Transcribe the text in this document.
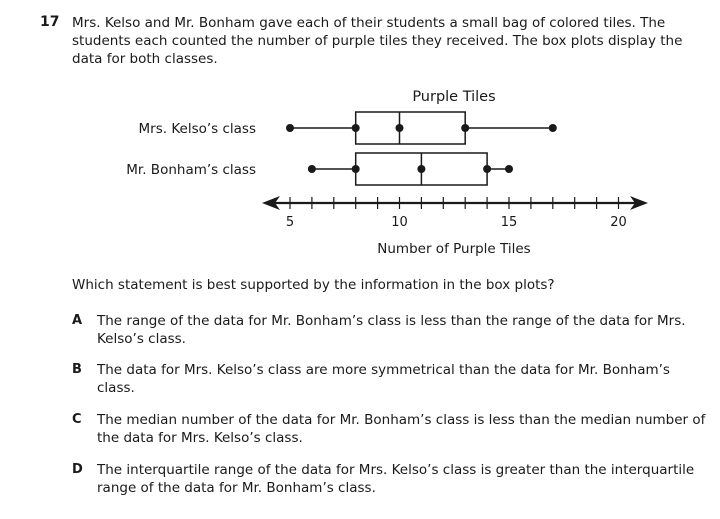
17 Mrs. Kelso and Mr. Bonham gave each of their students a small bag of colored tiles. The
students each counted the number of purple tiles they received. The box plots display the
data for both classes.
Purple Tiles
Mrs. Kelso’s class
Mr. Bonham’s class
5	10	15	20
Number of Purple Tiles
Which statement is best supported by the information in the box plots?
A The range of the data for Mr. Bonham’s class is less than the range of the data for Mrs.
Kelso’s class.
B The data for Mrs. Kelso’s class are more symmetrical than the data for Mr. Bonham’s
class.
C The median number of the data for Mr. Bonham’s class is less than the median number of
the data for Mrs. Kelso’s class.
D The interquartile range of the data for Mrs. Kelso’s class is greater than the interquartile
range of the data for Mr. Bonham’s class.
